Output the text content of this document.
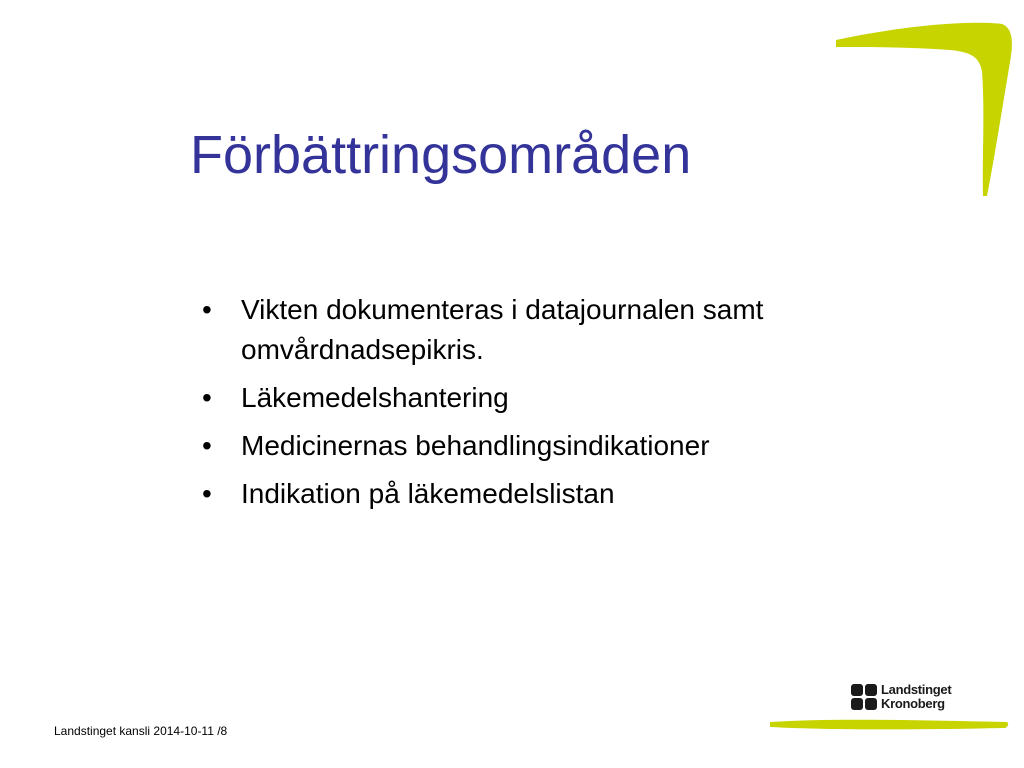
Förbättringsområden
• Vikten dokumenteras i datajournalen samt omvårdnadsepikris.
• Läkemedelshantering
• Medicinernas behandlingsindikationer
• Indikation på läkemedelslistan
Landstinget kansli 2014-10-11 /8
Landstinget
Kronoberg
